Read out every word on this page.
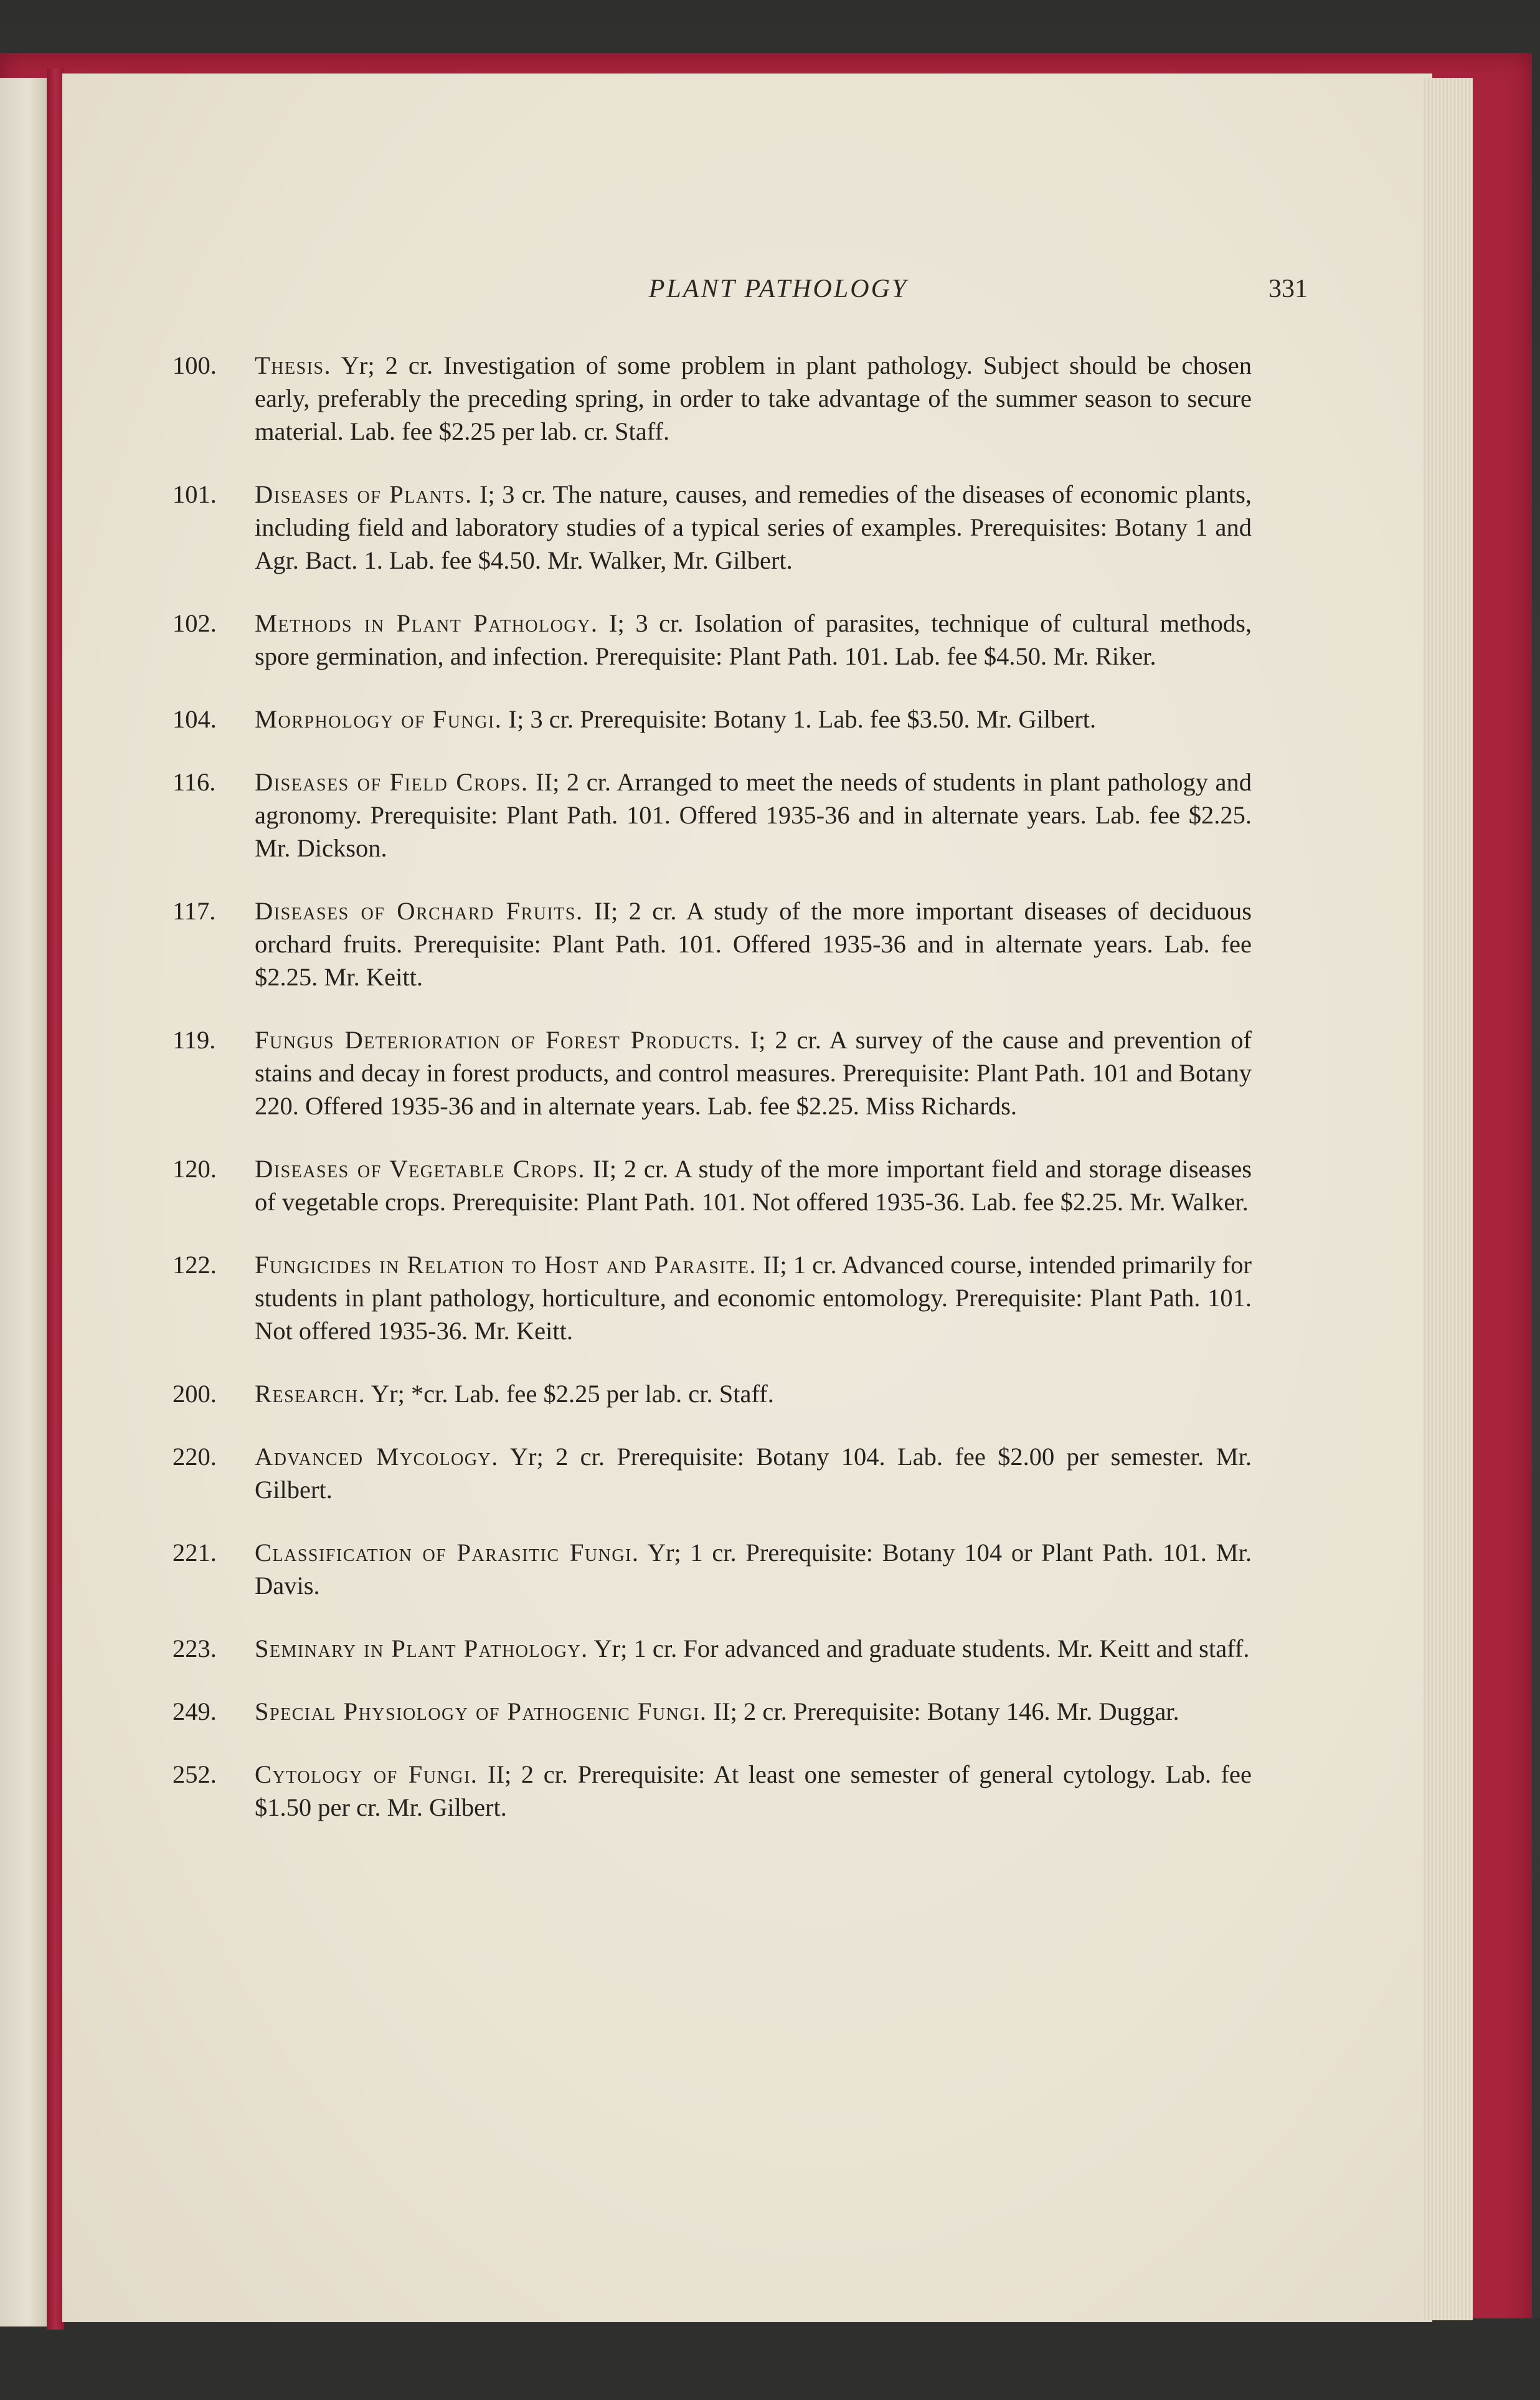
PLANT PATHOLOGY	331
100.	Thesis. Yr; 2 cr. Investigation of some problem in plant pathology. Subject should be chosen early, preferably the preceding spring, in order to take advantage of the summer season to secure material. Lab. fee $2.25 per lab. cr. Staff.
101.	Diseases of Plants. I; 3 cr. The nature, causes, and remedies of the diseases of economic plants, including field and laboratory studies of a typical series of examples. Prerequisites: Botany 1 and Agr. Bact. 1. Lab. fee $4.50. Mr. Walker, Mr. Gilbert.
102.	Methods in Plant Pathology. I; 3 cr. Isolation of parasites, technique of cultural methods, spore germination, and infection. Prerequisite: Plant Path. 101. Lab. fee $4.50. Mr. Riker.
104.	Morphology of Fungi. I; 3 cr. Prerequisite: Botany 1. Lab. fee $3.50. Mr. Gilbert.
116.	Diseases of Field Crops. II; 2 cr. Arranged to meet the needs of students in plant pathology and agronomy. Prerequisite: Plant Path. 101. Offered 1935-36 and in alternate years. Lab. fee $2.25. Mr. Dickson.
117.	Diseases of Orchard Fruits. II; 2 cr. A study of the more important diseases of deciduous orchard fruits. Prerequisite: Plant Path. 101. Offered 1935-36 and in alternate years. Lab. fee $2.25. Mr. Keitt.
119.	Fungus Deterioration of Forest Products. I; 2 cr. A survey of the cause and prevention of stains and decay in forest products, and control measures. Prerequisite: Plant Path. 101 and Botany 220. Offered 1935-36 and in alternate years. Lab. fee $2.25. Miss Richards.
120.	Diseases of Vegetable Crops. II; 2 cr. A study of the more important field and storage diseases of vegetable crops. Prerequisite: Plant Path. 101. Not offered 1935-36. Lab. fee $2.25. Mr. Walker.
122.	Fungicides in Relation to Host and Parasite. II; 1 cr. Advanced course, intended primarily for students in plant pathology, horticulture, and economic entomology. Prerequisite: Plant Path. 101. Not offered 1935-36. Mr. Keitt.
200.	Research. Yr; *cr. Lab. fee $2.25 per lab. cr. Staff.
220.	Advanced Mycology. Yr; 2 cr. Prerequisite: Botany 104. Lab. fee $2.00 per semester. Mr. Gilbert.
221.	Classification of Parasitic Fungi. Yr; 1 cr. Prerequisite: Botany 104 or Plant Path. 101. Mr. Davis.
223.	Seminary in Plant Pathology. Yr; 1 cr. For advanced and graduate students. Mr. Keitt and staff.
249.	Special Physiology of Pathogenic Fungi. II; 2 cr. Prerequisite: Botany 146. Mr. Duggar.
252.	Cytology of Fungi. II; 2 cr. Prerequisite: At least one semester of general cytology. Lab. fee $1.50 per cr. Mr. Gilbert.
